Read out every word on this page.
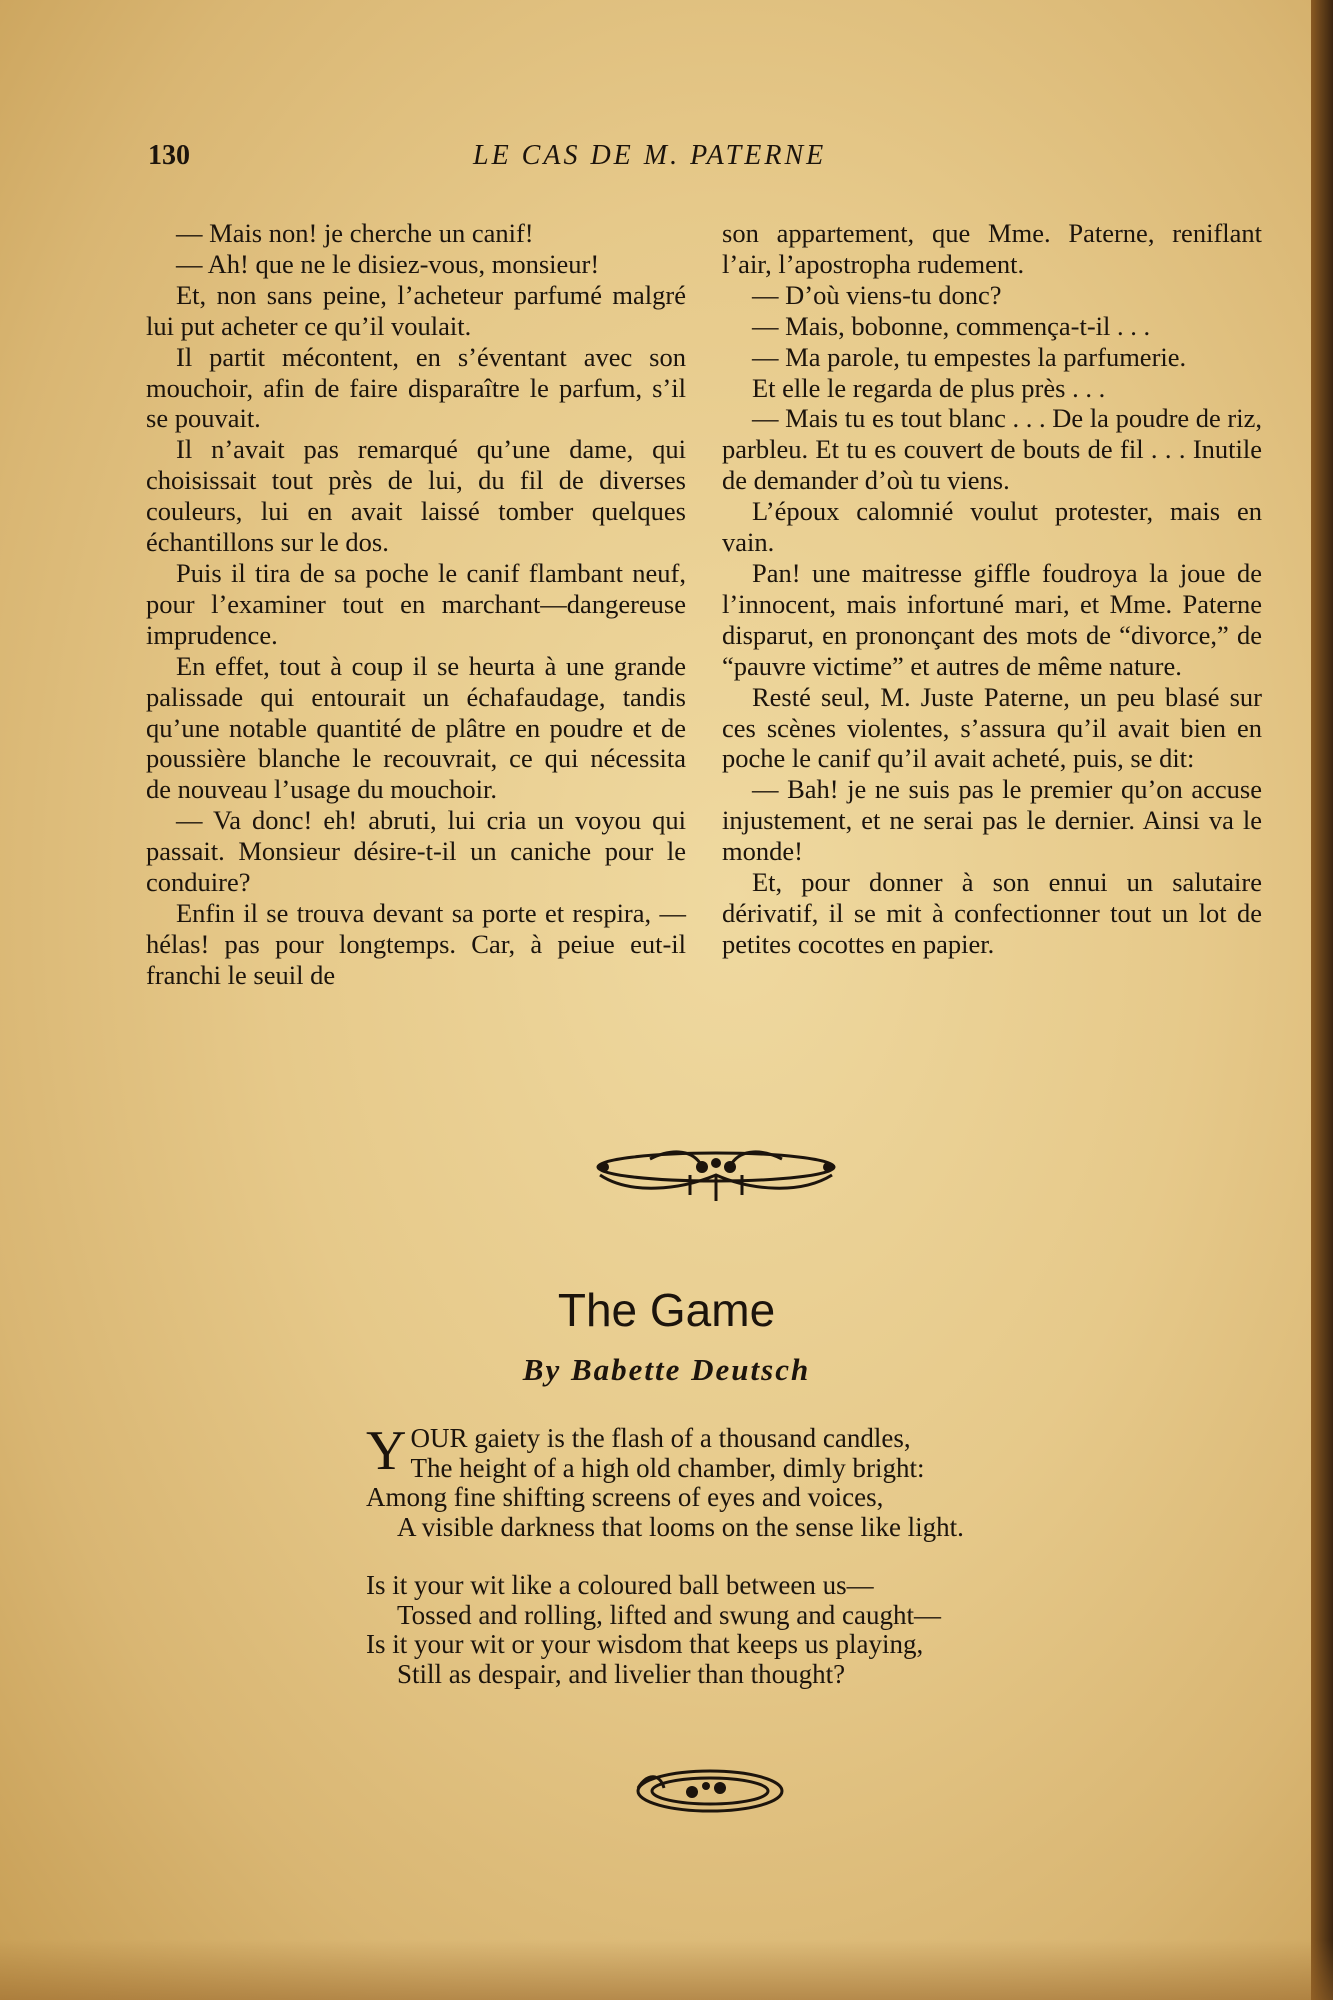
130	LE CAS DE M. PATERNE

— Mais non! je cherche un canif!

— Ah! que ne le disiez-vous, monsieur!

Et, non sans peine, l’acheteur parfumé malgré lui put acheter ce qu’il voulait.

Il partit mécontent, en s’éventant avec son mouchoir, afin de faire disparaître le parfum, s’il se pouvait.

Il n’avait pas remarqué qu’une dame, qui choisissait tout près de lui, du fil de diverses couleurs, lui en avait laissé tomber quelques échantillons sur le dos.

Puis il tira de sa poche le canif flambant neuf, pour l’examiner tout en marchant—dangereuse imprudence.

En effet, tout à coup il se heurta à une grande palissade qui entourait un échafaudage, tandis qu’une notable quantité de plâtre en poudre et de poussière blanche le recouvrait, ce qui nécessita de nouveau l’usage du mouchoir.

— Va donc! eh! abruti, lui cria un voyou qui passait. Monsieur désire-t-il un caniche pour le conduire?

Enfin il se trouva devant sa porte et respira, — hélas! pas pour longtemps. Car, à peiue eut-il franchi le seuil de

son appartement, que Mme. Paterne, reniflant l’air, l’apostropha rudement.

— D’où viens-tu donc?

— Mais, bobonne, commença-t-il . . .

— Ma parole, tu empestes la parfumerie.

Et elle le regarda de plus près . . .

— Mais tu es tout blanc . . . De la poudre de riz, parbleu. Et tu es couvert de bouts de fil . . . Inutile de demander d’où tu viens.

L’époux calomnié voulut protester, mais en vain.

Pan! une maitresse giffle foudroya la joue de l’innocent, mais infortuné mari, et Mme. Paterne disparut, en prononçant des mots de “divorce,” de “pauvre victime” et autres de même nature.

Resté seul, M. Juste Paterne, un peu blasé sur ces scènes violentes, s’assura qu’il avait bien en poche le canif qu’il avait acheté, puis, se dit:

— Bah! je ne suis pas le premier qu’on accuse injustement, et ne serai pas le dernier. Ainsi va le monde!

Et, pour donner à son ennui un salutaire dérivatif, il se mit à confectionner tout un lot de petites cocottes en papier.

The Game
By Babette Deutsch
Y OUR gaiety is the flash of a thousand candles,
The height of a high old chamber, dimly bright:
Among fine shifting screens of eyes and voices,
A visible darkness that looms on the sense like light.
Is it your wit like a coloured ball between us—
Tossed and rolling, lifted and swung and caught—
Is it your wit or your wisdom that keeps us playing,
Still as despair, and livelier than thought?
